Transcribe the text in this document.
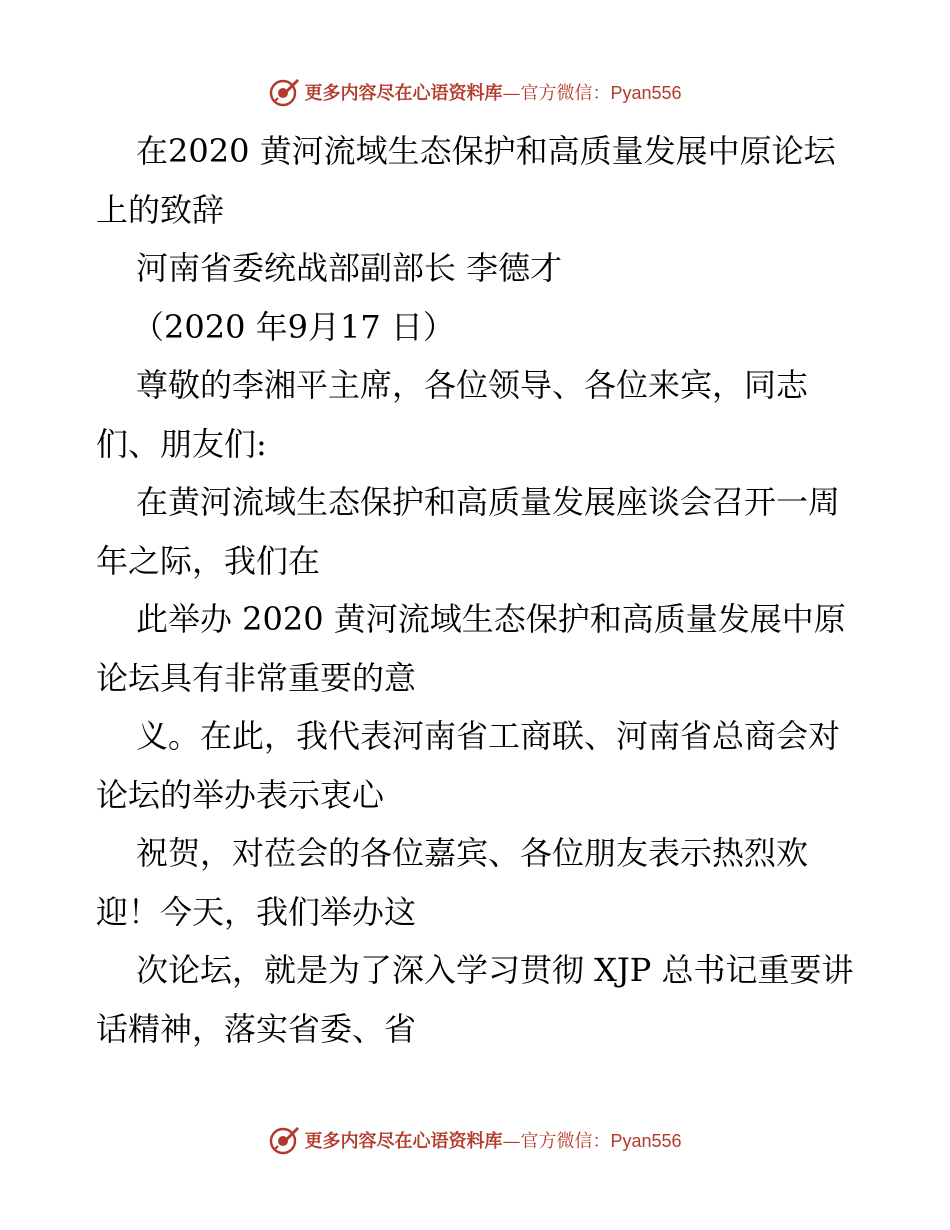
更多内容尽在心语资料库 —官方微信：Pyan556

在2020 黄河流域生态保护和高质量发展中原论坛上的致辞

河南省委统战部副部长 李德才

（2020 年9月17 日）

尊敬的李湘平主席，各位领导、各位来宾，同志们、朋友们:

在黄河流域生态保护和高质量发展座谈会召开一周年之际，我们在

此举办 2020 黄河流域生态保护和高质量发展中原论坛具有非常重要的意

义。在此，我代表河南省工商联、河南省总商会对论坛的举办表示衷心

祝贺，对莅会的各位嘉宾、各位朋友表示热烈欢迎！今天，我们举办这

次论坛，就是为了深入学习贯彻 XJP 总书记重要讲话精神，落实省委、省

更多内容尽在心语资料库 —官方微信：Pyan556
